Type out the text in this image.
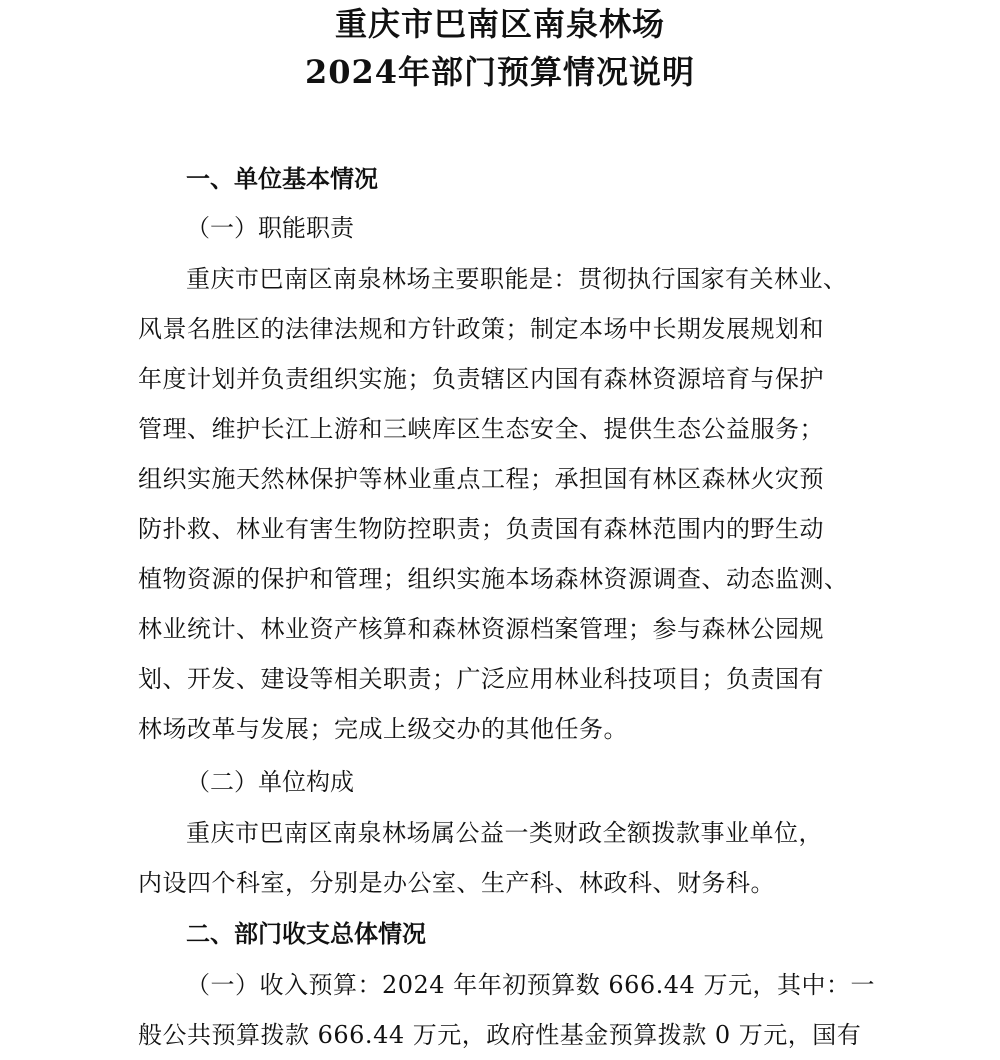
重庆市巴南区南泉林场
2024年部门预算情况说明
一、单位基本情况
（一）职能职责
重庆市巴南区南泉林场主要职能是：贯彻执行国家有关林业、
风景名胜区的法律法规和方针政策；制定本场中长期发展规划和
年度计划并负责组织实施；负责辖区内国有森林资源培育与保护
管理、维护长江上游和三峡库区生态安全、提供生态公益服务；
组织实施天然林保护等林业重点工程；承担国有林区森林火灾预
防扑救、林业有害生物防控职责；负责国有森林范围内的野生动
植物资源的保护和管理；组织实施本场森林资源调查、动态监测、
林业统计、林业资产核算和森林资源档案管理；参与森林公园规
划、开发、建设等相关职责；广泛应用林业科技项目；负责国有
林场改革与发展；完成上级交办的其他任务。
（二）单位构成
重庆市巴南区南泉林场属公益一类财政全额拨款事业单位，
内设四个科室，分别是办公室、生产科、林政科、财务科。
二、部门收支总体情况
（一）收入预算：2024 年年初预算数 666.44 万元，其中：一
般公共预算拨款 666.44 万元，政府性基金预算拨款 0 万元，国有
